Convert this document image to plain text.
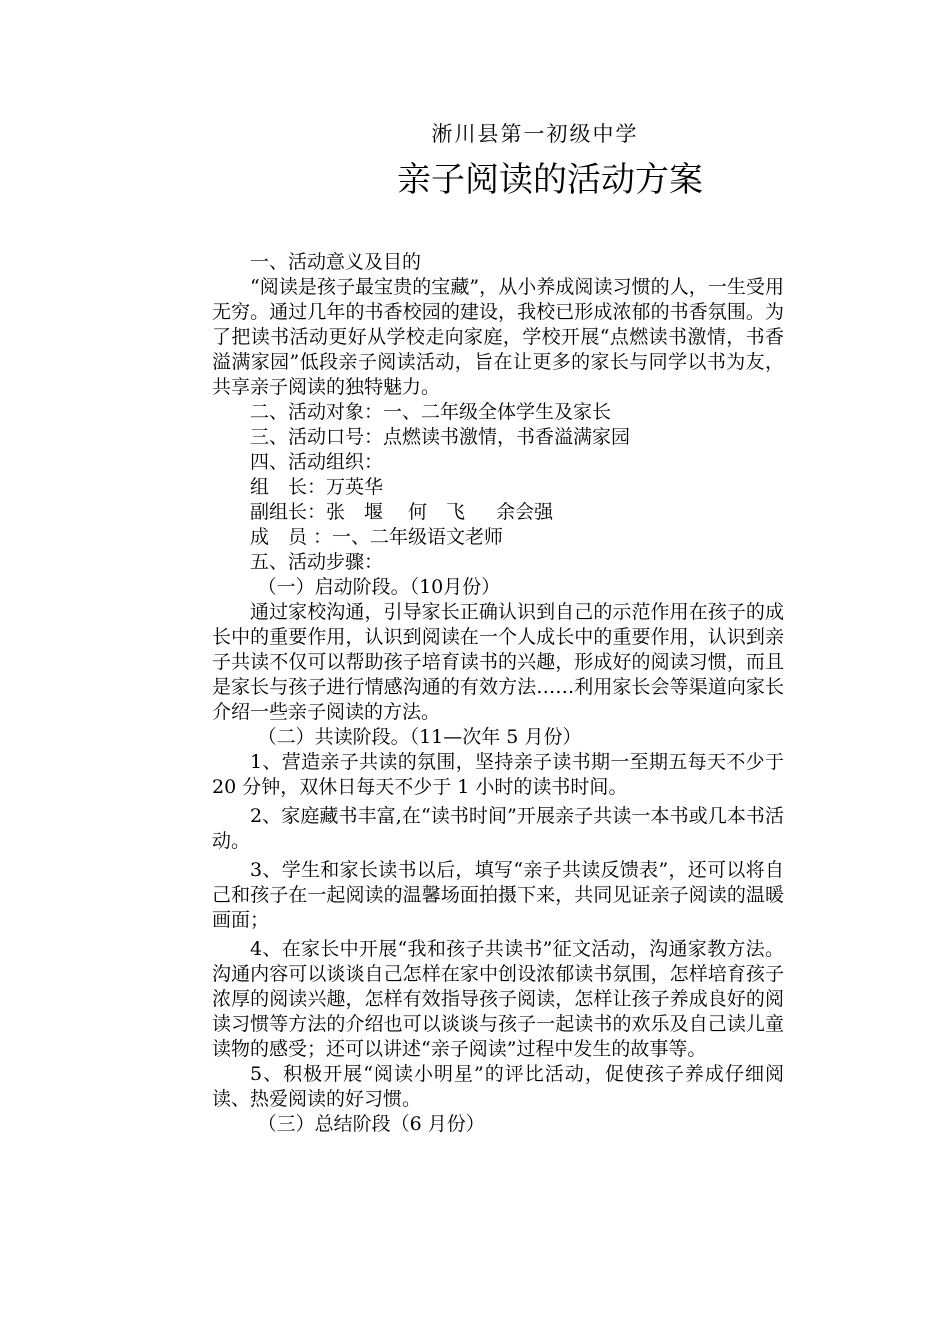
淅川县第一初级中学
亲子阅读的活动方案

一、活动意义及目的

“阅读是孩子最宝贵的宝藏”，从小养成阅读习惯的人，一生受用无穷。通过几年的书香校园的建设，我校已形成浓郁的书香氛围。为了把读书活动更好从学校走向家庭，学校开展“点燃读书激情，书香溢满家园”低段亲子阅读活动，旨在让更多的家长与同学以书为友，共享亲子阅读的独特魅力。

二、活动对象：一、二年级全体学生及家长

三、活动口号：点燃读书激情，书香溢满家园

四、活动组织：

组　长：万英华

副组长：张　堰　 何　飞 　 余会强

成　员 ：一、二年级语文老师

五、活动步骤：

（一）启动阶段。（10月份）

通过家校沟通，引导家长正确认识到自己的示范作用在孩子的成长中的重要作用，认识到阅读在一个人成长中的重要作用，认识到亲子共读不仅可以帮助孩子培育读书的兴趣，形成好的阅读习惯，而且是家长与孩子进行情感沟通的有效方法……利用家长会等渠道向家长介绍一些亲子阅读的方法。

（二）共读阶段。（11—次年 5 月份）

1、营造亲子共读的氛围，坚持亲子读书期一至期五每天不少于 20 分钟，双休日每天不少于 1 小时的读书时间。

2、家庭藏书丰富,在“读书时间”开展亲子共读一本书或几本书活动。

3、学生和家长读书以后，填写“亲子共读反馈表”，还可以将自己和孩子在一起阅读的温馨场面拍摄下来，共同见证亲子阅读的温暖画面；

4、在家长中开展“我和孩子共读书”征文活动，沟通家教方法。沟通内容可以谈谈自己怎样在家中创设浓郁读书氛围，怎样培育孩子浓厚的阅读兴趣，怎样有效指导孩子阅读，怎样让孩子养成良好的阅读习惯等方法的介绍也可以谈谈与孩子一起读书的欢乐及自己读儿童读物的感受；还可以讲述“亲子阅读”过程中发生的故事等。

5、积极开展“阅读小明星”的评比活动，促使孩子养成仔细阅读、热爱阅读的好习惯。

（三）总结阶段（6 月份）
